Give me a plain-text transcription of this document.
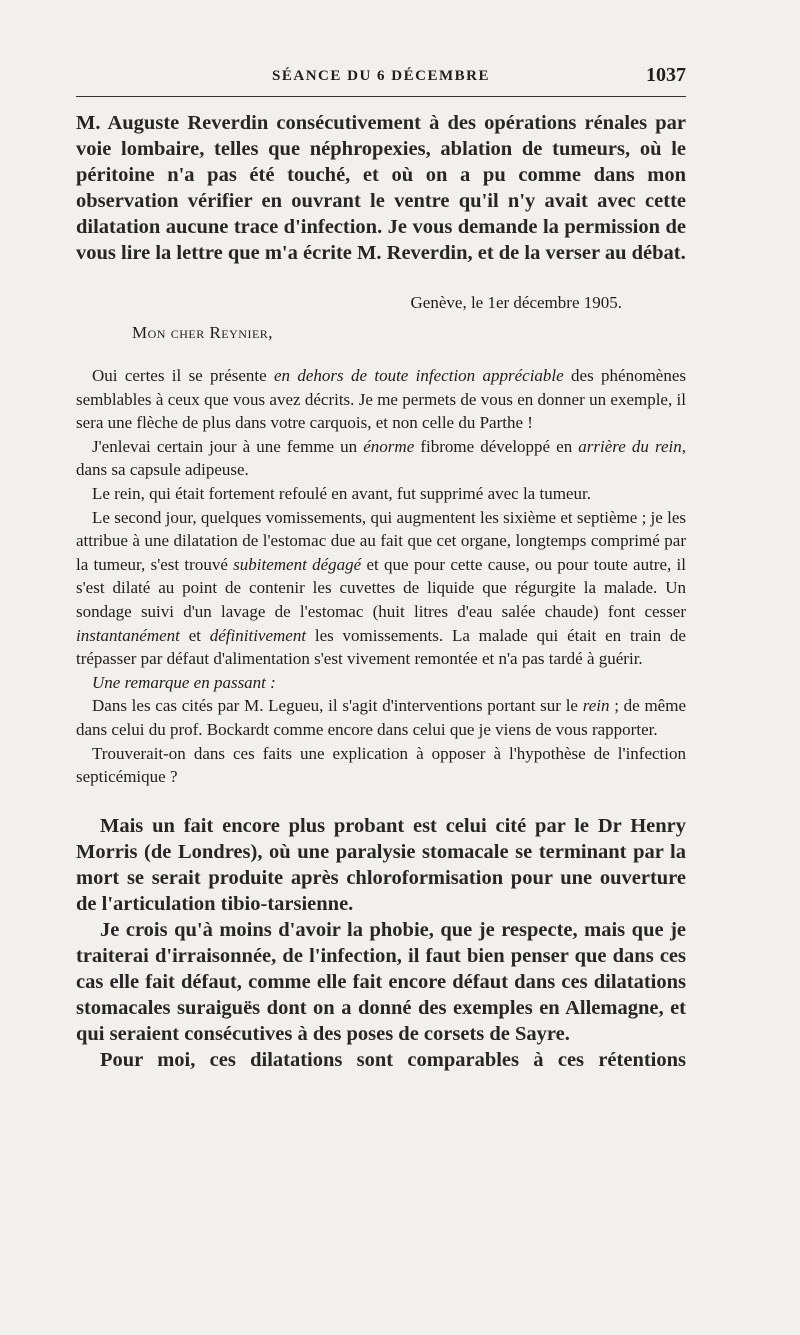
SÉANCE DU 6 DÉCEMBRE	1037

M. Auguste Reverdin consécutivement à des opérations rénales par voie lombaire, telles que néphropexies, ablation de tumeurs, où le péritoine n'a pas été touché, et où on a pu comme dans mon observation vérifier en ouvrant le ventre qu'il n'y avait avec cette dilatation aucune trace d'infection. Je vous demande la permission de vous lire la lettre que m'a écrite M. Reverdin, et de la verser au débat.

Genève, le 1er décembre 1905.
Mon cher Reynier,

Oui certes il se présente en dehors de toute infection appréciable des phénomènes semblables à ceux que vous avez décrits. Je me permets de vous en donner un exemple, il sera une flèche de plus dans votre carquois, et non celle du Parthe !

J'enlevai certain jour à une femme un énorme fibrome développé en arrière du rein, dans sa capsule adipeuse.

Le rein, qui était fortement refoulé en avant, fut supprimé avec la tumeur.

Le second jour, quelques vomissements, qui augmentent les sixième et septième ; je les attribue à une dilatation de l'estomac due au fait que cet organe, longtemps comprimé par la tumeur, s'est trouvé subitement dégagé et que pour cette cause, ou pour toute autre, il s'est dilaté au point de contenir les cuvettes de liquide que régurgite la malade. Un sondage suivi d'un lavage de l'estomac (huit litres d'eau salée chaude) font cesser instantanément et définitivement les vomissements. La malade qui était en train de trépasser par défaut d'alimentation s'est vivement remontée et n'a pas tardé à guérir.

Une remarque en passant :

Dans les cas cités par M. Legueu, il s'agit d'interventions portant sur le rein ; de même dans celui du prof. Bockardt comme encore dans celui que je viens de vous rapporter.

Trouverait-on dans ces faits une explication à opposer à l'hypothèse de l'infection septicémique ?

Mais un fait encore plus probant est celui cité par le Dr Henry Morris (de Londres), où une paralysie stomacale se terminant par la mort se serait produite après chloroformisation pour une ouverture de l'articulation tibio-tarsienne.

Je crois qu'à moins d'avoir la phobie, que je respecte, mais que je traiterai d'irraisonnée, de l'infection, il faut bien penser que dans ces cas elle fait défaut, comme elle fait encore défaut dans ces dilatations stomacales suraiguës dont on a donné des exemples en Allemagne, et qui seraient consécutives à des poses de corsets de Sayre.

Pour moi, ces dilatations sont comparables à ces rétentions
